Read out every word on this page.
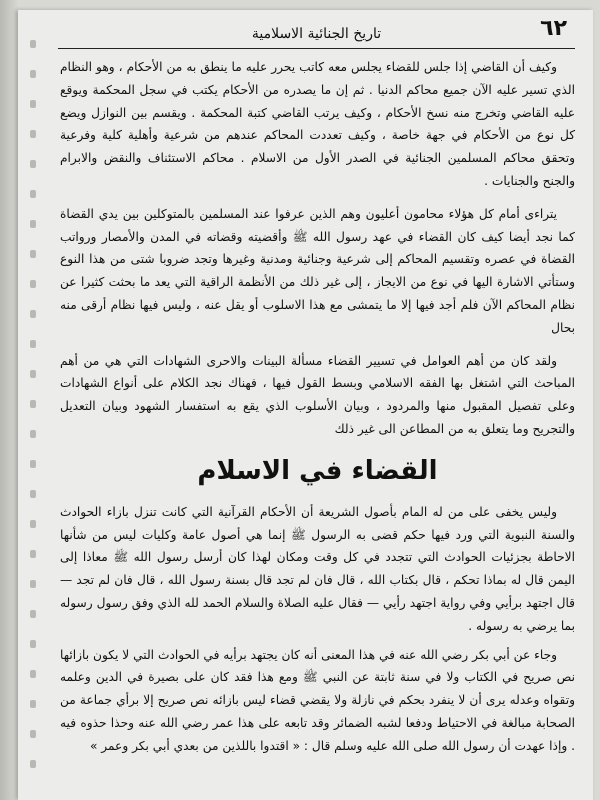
٦٢
تاريخ الجنائية الاسلامية

وكيف أن القاضي إذا جلس للقضاء يجلس معه كاتب يحرر عليه ما ينطق به من الأحكام ، وهو النظام الذي تسير عليه الآن جميع محاكم الدنيا . ثم إن ما يصدره من الأحكام يكتب في سجل المحكمة ويوقع عليه القاضي وتخرج منه نسخ الأحكام ، وكيف يرتب القاضي كتبة المحكمة . ويقسم بين النوازل ويضع كل نوع من الأحكام في جهة خاصة ، وكيف تعددت المحاكم عندهم من شرعية وأهلية كلية وفرعية وتحقق محاكم المسلمين الجنائية في الصدر الأول من الاسلام . محاكم الاستئناف والنقض والابرام والجنح والجنايات .

يتراءى أمام كل هؤلاء محامون أعليون وهم الذين عرفوا عند المسلمين بالمتوكلين بين يدي القضاة كما نجد أيضا كيف كان القضاء في عهد رسول الله ﷺ وأقضيته وقضاته في المدن والأمصار ورواتب القضاة في عصره وتقسيم المحاكم إلى شرعية وجنائية ومدنية وغيرها وتجد ضروبا شتى من هذا النوع وستأتي الاشارة اليها في نوع من الايجاز ، إلى غير ذلك من الأنظمة الراقية التي يعد ما بحثت كثيرا عن نظام المحاكم الآن فلم أجد فيها إلا ما يتمشى مع هذا الاسلوب أو يقل عنه ، وليس فيها نظام أرقى منه بحال

ولقد كان من أهم العوامل في تسيير القضاء مسألة البينات والاحرى الشهادات التي هي من أهم المباحث التي اشتغل بها الفقه الاسلامي وبسط القول فيها ، فهناك نجد الكلام على أنواع الشهادات وعلى تفصيل المقبول منها والمردود ، وبيان الأسلوب الذي يقع به استفسار الشهود وبيان التعديل والتجريح وما يتعلق به من المطاعن الى غير ذلك

القضاء في الاسلام

وليس يخفى على من له المام بأصول الشريعة أن الأحكام القرآنية التي كانت تنزل بازاء الحوادث والسنة النبوية التي ورد فيها حكم قضى به الرسول ﷺ إنما هي أصول عامة وكليات ليس من شأنها الاحاطة بجزئيات الحوادث التي تتجدد في كل وقت ومكان لهذا كان أرسل رسول الله ﷺ معاذا إلى اليمن قال له بماذا تحكم ، قال بكتاب الله ، قال فان لم تجد قال بسنة رسول الله ، قال فان لم تجد — قال اجتهد برأيي وفي رواية اجتهد رأيي — فقال عليه الصلاة والسلام الحمد لله الذي وفق رسول رسوله بما يرضي به رسوله .

وجاء عن أبي بكر رضي الله عنه في هذا المعنى أنه كان يجتهد برأيه في الحوادث التي لا يكون بازائها نص صريح في الكتاب ولا في سنة ثابتة عن النبي ﷺ ومع هذا فقد كان على بصيرة في الدين وعلمه وتقواه وعدله يرى أن لا ينفرد بحكم في نازلة ولا يقضي قضاء ليس بازائه نص صريح إلا برأي جماعة من الصحابة مبالغة في الاحتياط ودفعا لشبه الضمائر وقد تابعه على هذا عمر رضي الله عنه وحذا حذوه فيه . وإذا عهدت أن رسول الله صلى الله عليه وسلم قال : « اقتدوا باللذين من بعدي أبي بكر وعمر »
